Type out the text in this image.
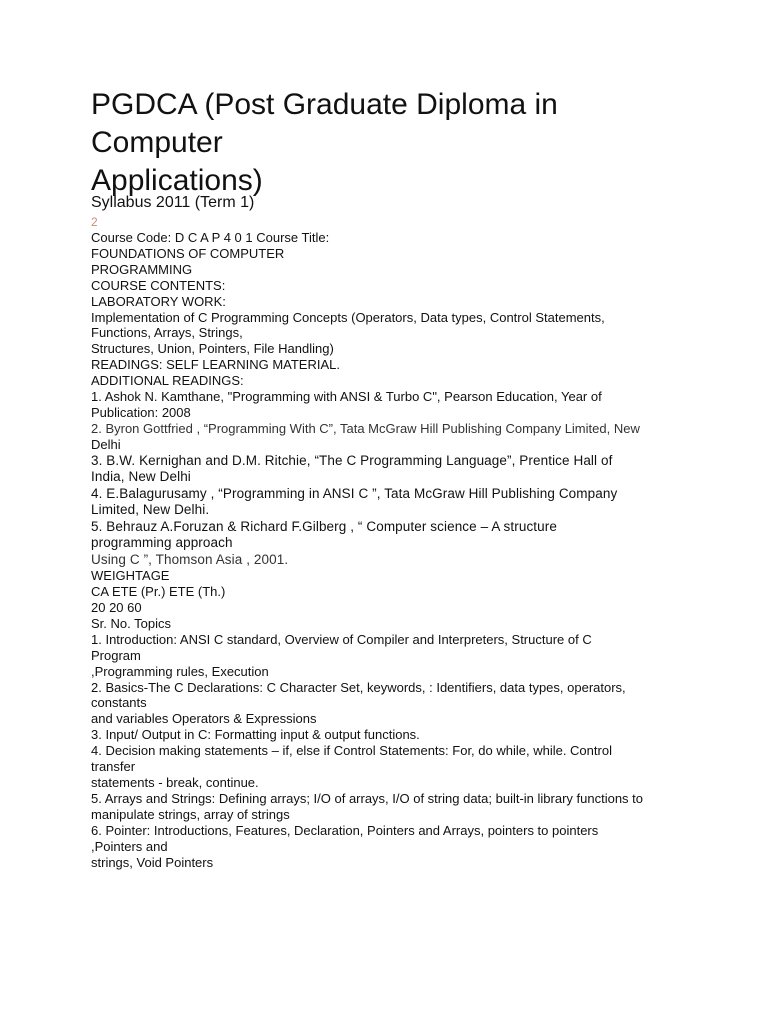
PGDCA (Post Graduate Diploma in
Computer
Applications)

Syllabus 2011 (Term 1)

2
Course Code: D C A P 4 0 1 Course Title:
FOUNDATIONS OF COMPUTER
PROGRAMMING
COURSE CONTENTS:
LABORATORY WORK:
Implementation of C Programming Concepts (Operators, Data types, Control Statements,
Functions, Arrays, Strings,
Structures, Union, Pointers, File Handling)
READINGS: SELF LEARNING MATERIAL.
ADDITIONAL READINGS:
1. Ashok N. Kamthane, "Programming with ANSI & Turbo C", Pearson Education, Year of
Publication: 2008
2. Byron Gottfried , “Programming With C”, Tata McGraw Hill Publishing Company Limited, New
Delhi
3. B.W. Kernighan and D.M. Ritchie, “The C Programming Language”, Prentice Hall of
India, New Delhi
4. E.Balagurusamy , “Programming in ANSI C ”, Tata McGraw Hill Publishing Company
Limited, New Delhi.
5. Behrauz A.Foruzan & Richard F.Gilberg , “ Computer science – A structure
programming approach
Using C ”, Thomson Asia , 2001.
WEIGHTAGE
CA ETE (Pr.) ETE (Th.)
20 20 60
Sr. No. Topics
1. Introduction: ANSI C standard, Overview of Compiler and Interpreters, Structure of C
Program
,Programming rules, Execution
2. Basics-The C Declarations: C Character Set, keywords, : Identifiers, data types, operators,
constants
and variables Operators & Expressions
3. Input/ Output in C: Formatting input & output functions.
4. Decision making statements – if, else if Control Statements: For, do while, while. Control
transfer
statements - break, continue.
5. Arrays and Strings: Defining arrays; I/O of arrays, I/O of string data; built-in library functions to
manipulate strings, array of strings
6. Pointer: Introductions, Features, Declaration, Pointers and Arrays, pointers to pointers
,Pointers and
strings, Void Pointers
